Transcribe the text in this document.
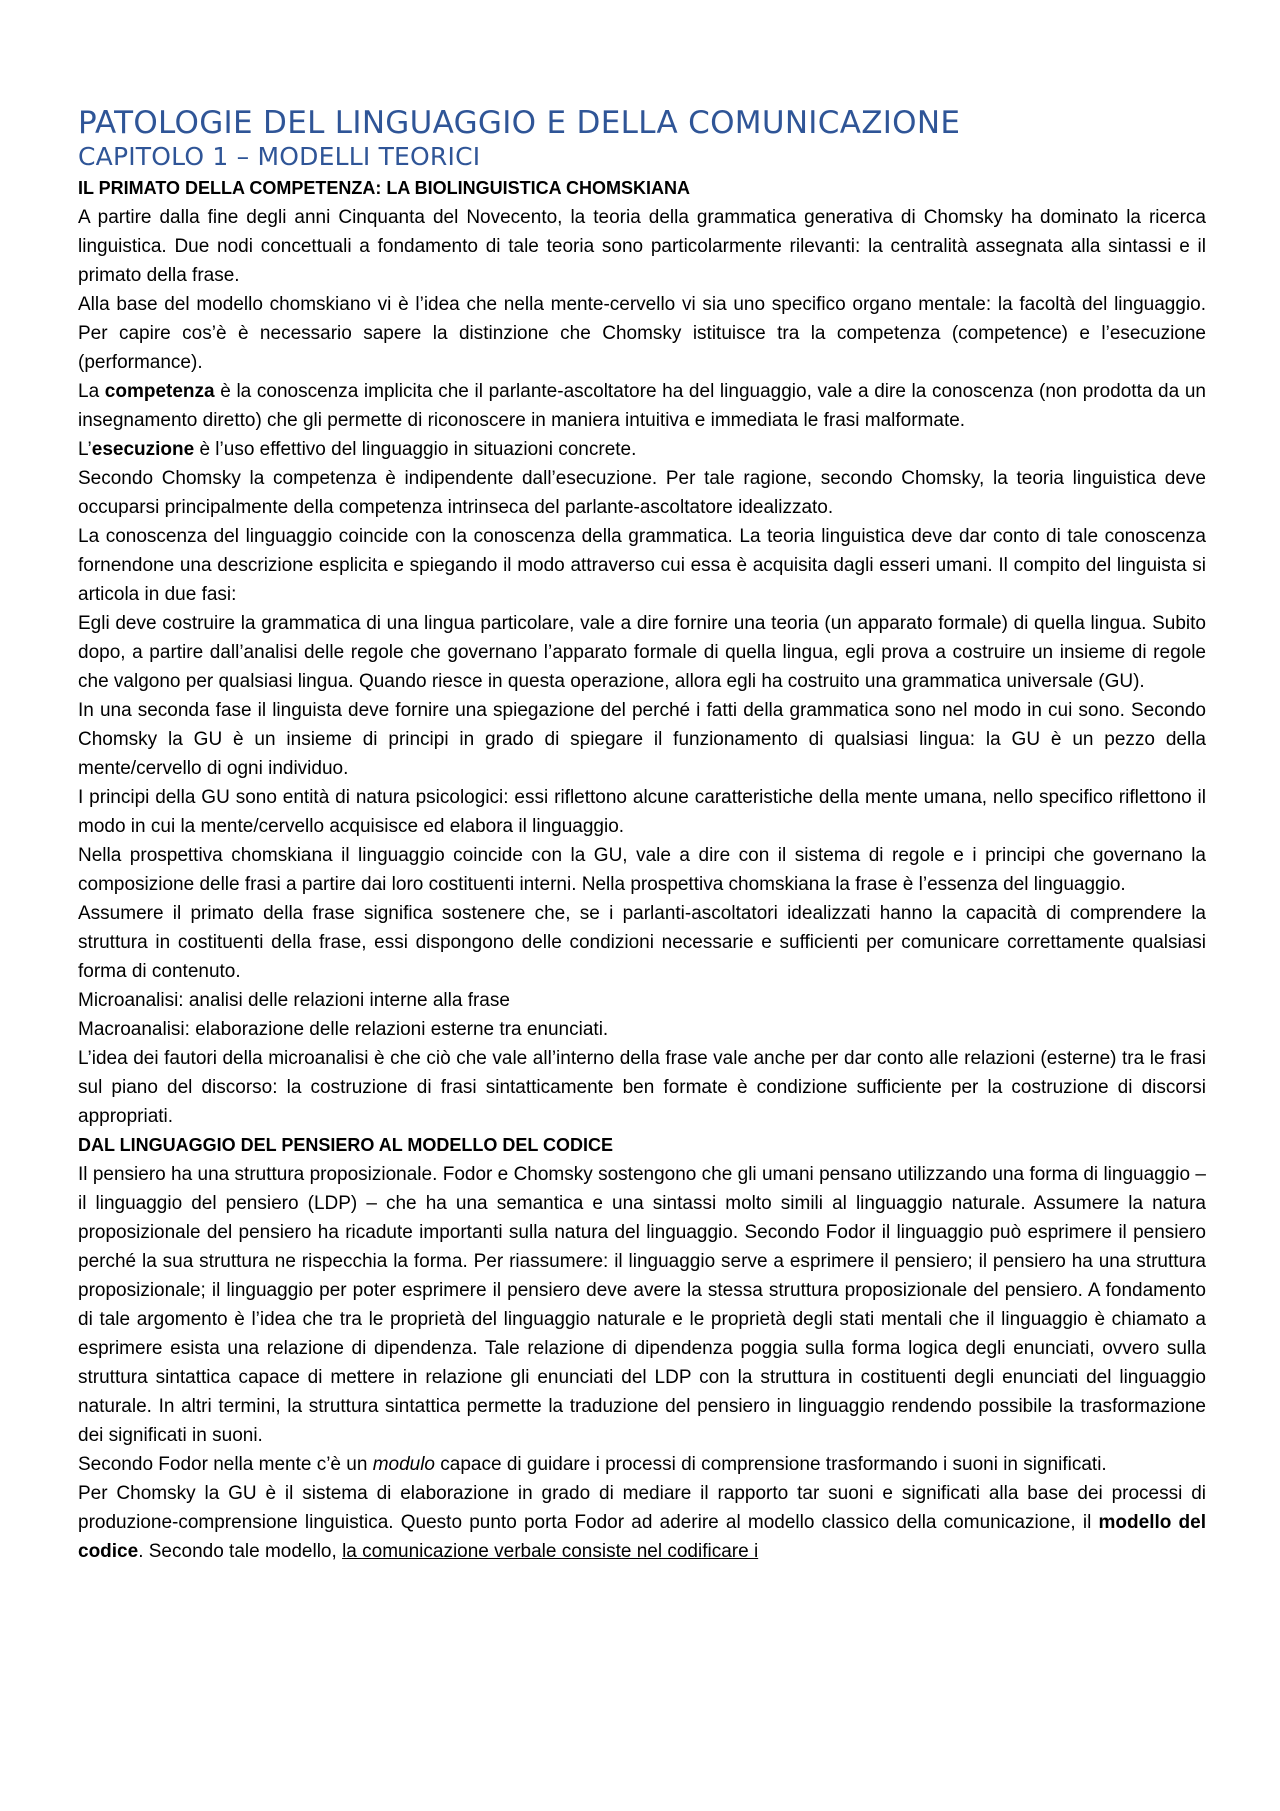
PATOLOGIE DEL LINGUAGGIO E DELLA COMUNICAZIONE
CAPITOLO 1 – MODELLI TEORICI
IL PRIMATO DELLA COMPETENZA: LA BIOLINGUISTICA CHOMSKIANA

A partire dalla fine degli anni Cinquanta del Novecento, la teoria della grammatica generativa di Chomsky ha dominato la ricerca linguistica. Due nodi concettuali a fondamento di tale teoria sono particolarmente rilevanti: la centralità assegnata alla sintassi e il primato della frase.

Alla base del modello chomskiano vi è l’idea che nella mente-cervello vi sia uno specifico organo mentale: la facoltà del linguaggio. Per capire cos’è è necessario sapere la distinzione che Chomsky istituisce tra la competenza (competence) e l’esecuzione (performance).

La competenza è la conoscenza implicita che il parlante-ascoltatore ha del linguaggio, vale a dire la conoscenza (non prodotta da un insegnamento diretto) che gli permette di riconoscere in maniera intuitiva e immediata le frasi malformate.

L’esecuzione è l’uso effettivo del linguaggio in situazioni concrete.

Secondo Chomsky la competenza è indipendente dall’esecuzione. Per tale ragione, secondo Chomsky, la teoria linguistica deve occuparsi principalmente della competenza intrinseca del parlante-ascoltatore idealizzato.

La conoscenza del linguaggio coincide con la conoscenza della grammatica. La teoria linguistica deve dar conto di tale conoscenza fornendone una descrizione esplicita e spiegando il modo attraverso cui essa è acquisita dagli esseri umani. Il compito del linguista si articola in due fasi:

Egli deve costruire la grammatica di una lingua particolare, vale a dire fornire una teoria (un apparato formale) di quella lingua. Subito dopo, a partire dall’analisi delle regole che governano l’apparato formale di quella lingua, egli prova a costruire un insieme di regole che valgono per qualsiasi lingua. Quando riesce in questa operazione, allora egli ha costruito una grammatica universale (GU).

In una seconda fase il linguista deve fornire una spiegazione del perché i fatti della grammatica sono nel modo in cui sono. Secondo Chomsky la GU è un insieme di principi in grado di spiegare il funzionamento di qualsiasi lingua: la GU è un pezzo della mente/cervello di ogni individuo.

I principi della GU sono entità di natura psicologici: essi riflettono alcune caratteristiche della mente umana, nello specifico riflettono il modo in cui la mente/cervello acquisisce ed elabora il linguaggio.

Nella prospettiva chomskiana il linguaggio coincide con la GU, vale a dire con il sistema di regole e i principi che governano la composizione delle frasi a partire dai loro costituenti interni. Nella prospettiva chomskiana la frase è l’essenza del linguaggio.

Assumere il primato della frase significa sostenere che, se i parlanti-ascoltatori idealizzati hanno la capacità di comprendere la struttura in costituenti della frase, essi dispongono delle condizioni necessarie e sufficienti per comunicare correttamente qualsiasi forma di contenuto.

Microanalisi: analisi delle relazioni interne alla frase

Macroanalisi: elaborazione delle relazioni esterne tra enunciati.

L’idea dei fautori della microanalisi è che ciò che vale all’interno della frase vale anche per dar conto alle relazioni (esterne) tra le frasi sul piano del discorso: la costruzione di frasi sintatticamente ben formate è condizione sufficiente per la costruzione di discorsi appropriati.

DAL LINGUAGGIO DEL PENSIERO AL MODELLO DEL CODICE

Il pensiero ha una struttura proposizionale. Fodor e Chomsky sostengono che gli umani pensano utilizzando una forma di linguaggio – il linguaggio del pensiero (LDP) – che ha una semantica e una sintassi molto simili al linguaggio naturale. Assumere la natura proposizionale del pensiero ha ricadute importanti sulla natura del linguaggio. Secondo Fodor il linguaggio può esprimere il pensiero perché la sua struttura ne rispecchia la forma. Per riassumere: il linguaggio serve a esprimere il pensiero; il pensiero ha una struttura proposizionale; il linguaggio per poter esprimere il pensiero deve avere la stessa struttura proposizionale del pensiero. A fondamento di tale argomento è l’idea che tra le proprietà del linguaggio naturale e le proprietà degli stati mentali che il linguaggio è chiamato a esprimere esista una relazione di dipendenza. Tale relazione di dipendenza poggia sulla forma logica degli enunciati, ovvero sulla struttura sintattica capace di mettere in relazione gli enunciati del LDP con la struttura in costituenti degli enunciati del linguaggio naturale. In altri termini, la struttura sintattica permette la traduzione del pensiero in linguaggio rendendo possibile la trasformazione dei significati in suoni.

Secondo Fodor nella mente c’è un modulo capace di guidare i processi di comprensione trasformando i suoni in significati.

Per Chomsky la GU è il sistema di elaborazione in grado di mediare il rapporto tar suoni e significati alla base dei processi di produzione-comprensione linguistica. Questo punto porta Fodor ad aderire al modello classico della comunicazione, il modello del codice. Secondo tale modello, la comunicazione verbale consiste nel codificare i
